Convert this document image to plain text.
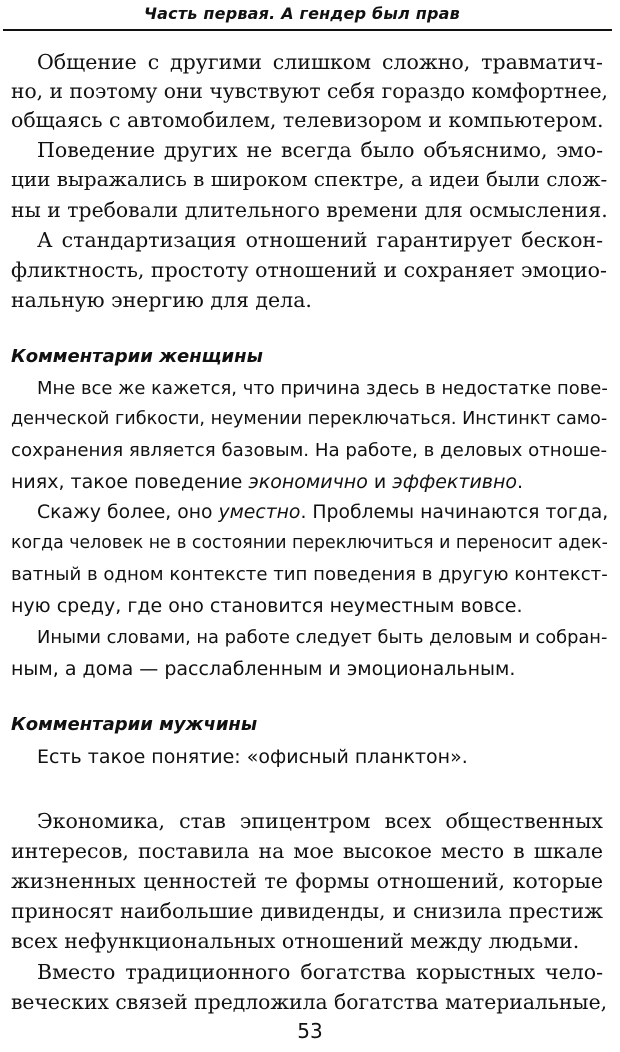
Часть первая. А гендер был прав
Общение с другими слишком сложно, травматич-
но, и поэтому они чувствуют себя гораздо комфортнее,
общаясь с автомобилем, телевизором и компьютером.
Поведение других не всегда было объяснимо, эмо-
ции выражались в широком спектре, а идеи были слож-
ны и требовали длительного времени для осмысления.
А стандартизация отношений гарантирует бескон-
фликтность, простоту отношений и сохраняет эмоцио-
нальную энергию для дела.
Комментарии женщины
Мне все же кажется, что причина здесь в недостатке пове-
денческой гибкости, неумении переключаться. Инстинкт само-
сохранения является базовым. На работе, в деловых отноше-
ниях, такое поведение экономично и эффективно.
Скажу более, оно уместно. Проблемы начинаются тогда,
когда человек не в состоянии переключиться и переносит адек-
ватный в одном контексте тип поведения в другую контекст-
ную среду, где оно становится неуместным вовсе.
Иными словами, на работе следует быть деловым и собран-
ным, а дома — расслабленным и эмоциональным.
Комментарии мужчины
Есть такое понятие: «офисный планктон».
Экономика, став эпицентром всех общественных
интересов, поставила на мое высокое место в шкале
жизненных ценностей те формы отношений, которые
приносят наибольшие дивиденды, и снизила престиж
всех нефункциональных отношений между людьми.
Вместо традиционного богатства корыстных чело-
веческих связей предложила богатства материальные,
53
